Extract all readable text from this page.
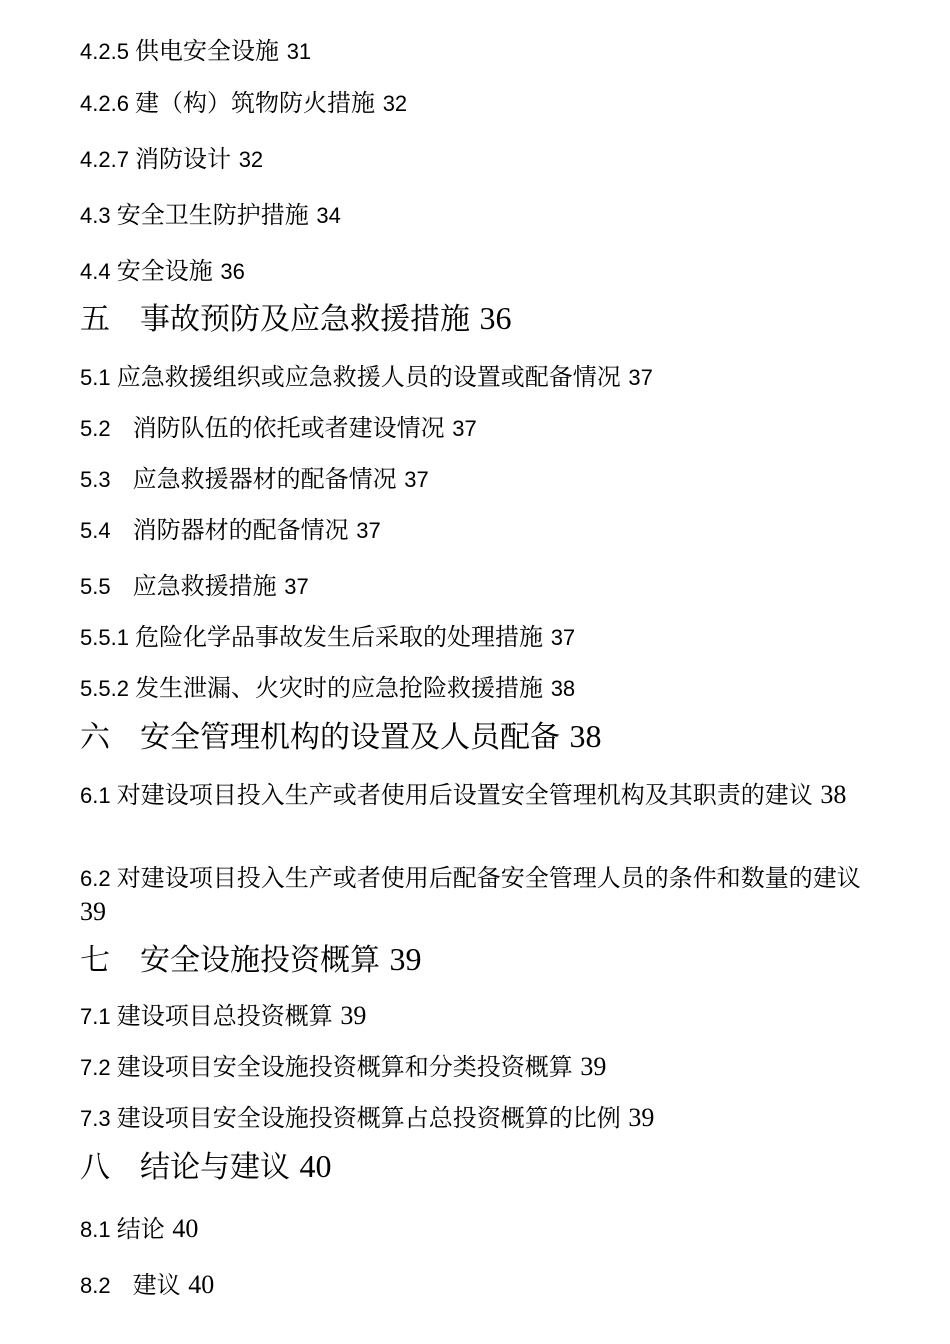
4.2.5 供电安全设施 31
4.2.6 建（构）筑物防火措施 32
4.2.7 消防设计 32
4.3 安全卫生防护措施 34
4.4 安全设施 36
五　事故预防及应急救援措施 36
5.1 应急救援组织或应急救援人员的设置或配备情况 37
5.2　消防队伍的依托或者建设情况 37
5.3　应急救援器材的配备情况 37
5.4　消防器材的配备情况 37
5.5　应急救援措施 37
5.5.1 危险化学品事故发生后采取的处理措施 37
5.5.2 发生泄漏、火灾时的应急抢险救援措施 38
六　安全管理机构的设置及人员配备 38
6.1 对建设项目投入生产或者使用后设置安全管理机构及其职责的建议 38
6.2 对建设项目投入生产或者使用后配备安全管理人员的条件和数量的建议 39
七　安全设施投资概算 39
7.1 建设项目总投资概算 39
7.2 建设项目安全设施投资概算和分类投资概算 39
7.3 建设项目安全设施投资概算占总投资概算的比例 39
八　结论与建议 40
8.1 结论 40
8.2　建议 40
